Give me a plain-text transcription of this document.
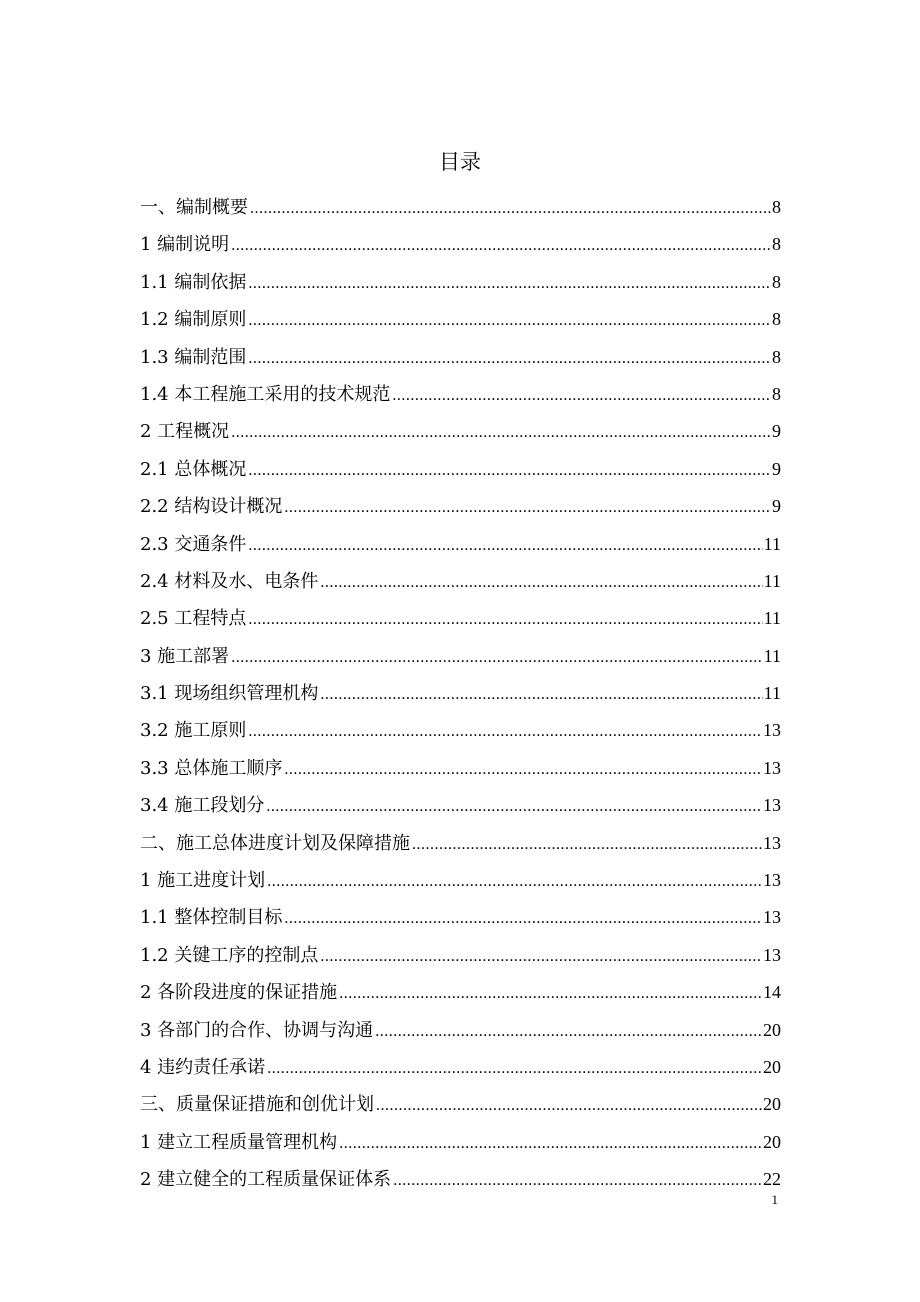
目录
一、编制概要 .....	8
1 编制说明 .....	8
1.1 编制依据 .....	8
1.2 编制原则 .....	8
1.3 编制范围 .....	8
1.4 本工程施工采用的技术规范 .....	8
2 工程概况 .....	9
2.1 总体概况 .....	9
2.2 结构设计概况 .....	9
2.3 交通条件 .....	11
2.4 材料及水、电条件 .....	11
2.5 工程特点 .....	11
3 施工部署 .....	11
3.1 现场组织管理机构 .....	11
3.2 施工原则 .....	13
3.3 总体施工顺序 .....	13
3.4 施工段划分 .....	13
二、施工总体进度计划及保障措施 .....	13
1 施工进度计划 .....	13
1.1 整体控制目标 .....	13
1.2 关键工序的控制点 .....	13
2 各阶段进度的保证措施 .....	14
3 各部门的合作、协调与沟通 .....	20
4 违约责任承诺 .....	20
三、质量保证措施和创优计划 .....	20
1 建立工程质量管理机构 .....	20
2 建立健全的工程质量保证体系 .....	22
1
